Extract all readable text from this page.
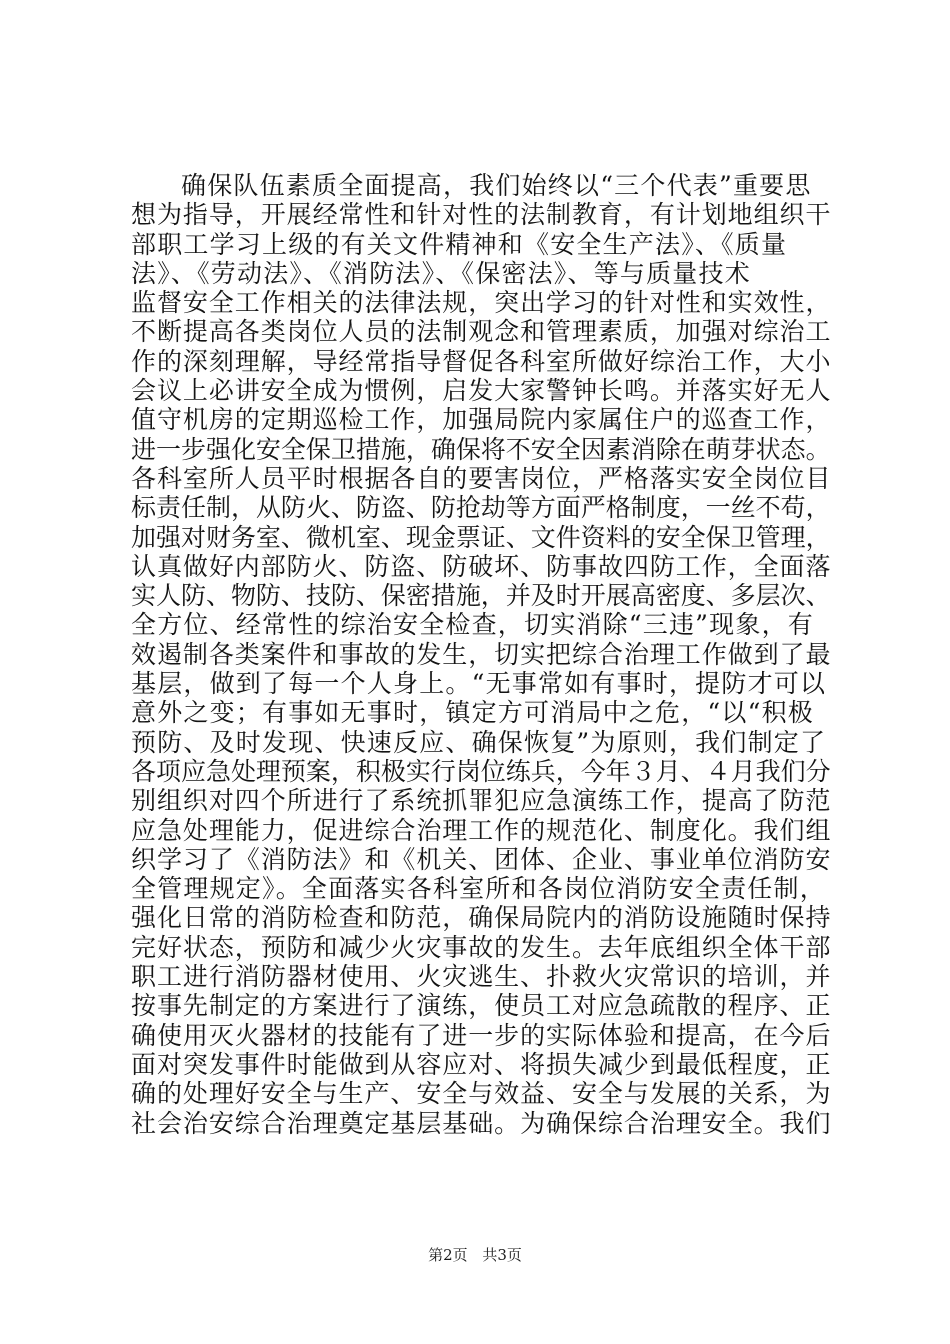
确保队伍素质全面提高，我们始终以“三个代表”重要思
想为指导，开展经常性和针对性的法制教育，有计划地组织干
部职工学习上级的有关文件精神和《安全生产法》、《质量
法》、《劳动法》、《消防法》、《保密法》、等与质量技术
监督安全工作相关的法律法规，突出学习的针对性和实效性，
不断提高各类岗位人员的法制观念和管理素质，加强对综治工
作的深刻理解，导经常指导督促各科室所做好综治工作，大小
会议上必讲安全成为惯例，启发大家警钟长鸣。并落实好无人
值守机房的定期巡检工作，加强局院内家属住户的巡查工作，
进一步强化安全保卫措施，确保将不安全因素消除在萌芽状态。
各科室所人员平时根据各自的要害岗位，严格落实安全岗位目
标责任制，从防火、防盗、防抢劫等方面严格制度，一丝不苟，
加强对财务室、微机室、现金票证、文件资料的安全保卫管理，
认真做好内部防火、防盗、防破坏、防事故四防工作，全面落
实人防、物防、技防、保密措施，并及时开展高密度、多层次、
全方位、经常性的综治安全检查，切实消除“三违”现象，有
效遏制各类案件和事故的发生，切实把综合治理工作做到了最
基层，做到了每一个人身上。“无事常如有事时，提防才可以
意外之变；有事如无事时，镇定方可消局中之危，“以“积极
预防、及时发现、快速反应、确保恢复”为原则，我们制定了
各项应急处理预案，积极实行岗位练兵，今年３月、４月我们分
别组织对四个所进行了系统抓罪犯应急演练工作，提高了防范
应急处理能力，促进综合治理工作的规范化、制度化。我们组
织学习了《消防法》和《机关、团体、企业、事业单位消防安
全管理规定》。全面落实各科室所和各岗位消防安全责任制，
强化日常的消防检查和防范，确保局院内的消防设施随时保持
完好状态，预防和减少火灾事故的发生。去年底组织全体干部
职工进行消防器材使用、火灾逃生、扑救火灾常识的培训，并
按事先制定的方案进行了演练，使员工对应急疏散的程序、正
确使用灭火器材的技能有了进一步的实际体验和提高，在今后
面对突发事件时能做到从容应对、将损失减少到最低程度，正
确的处理好安全与生产、安全与效益、安全与发展的关系，为
社会治安综合治理奠定基层基础。为确保综合治理安全。我们
第2页 共3页
